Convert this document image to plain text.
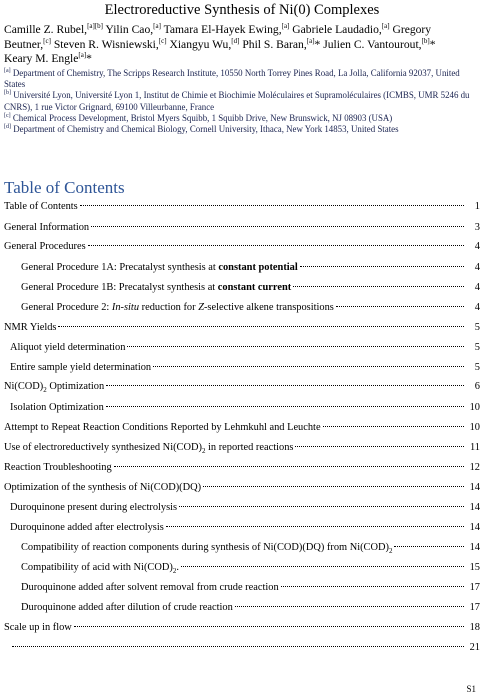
Electroreductive Synthesis of Ni(0) Complexes
Camille Z. Rubel,[a][b] Yilin Cao,[a] Tamara El-Hayek Ewing,[a] Gabriele Laudadio,[a] Gregory
Beutner,[c] Steven R. Wisniewski,[c] Xiangyu Wu,[d] Phil S. Baran,[a]* Julien C. Vantourout,[b]*
Keary M. Engle[a]*
[a] Department of Chemistry, The Scripps Research Institute, 10550 North Torrey Pines Road, La Jolla, California 92037, United States
[b] Université Lyon, Université Lyon 1, Institut de Chimie et Biochimie Moléculaires et Supramoléculaires (ICMBS, UMR 5246 du CNRS), 1 rue Victor Grignard, 69100 Villeurbanne, France
[c] Chemical Process Development, Bristol Myers Squibb, 1 Squibb Drive, New Brunswick, NJ 08903 (USA)
[d] Department of Chemistry and Chemical Biology, Cornell University, Ithaca, New York 14853, United States
Table of Contents
Table of Contents	1
General Information	3
General Procedures	4
General Procedure 1A: Precatalyst synthesis at constant potential	4
General Procedure 1B: Precatalyst synthesis at constant current	4
General Procedure 2: In-situ reduction for Z-selective alkene transpositions	4
NMR Yields	5
Aliquot yield determination	5
Entire sample yield determination	5
$Ni(COD)_2$ Optimization	6
Isolation Optimization	10
Attempt to Repeat Reaction Conditions Reported by Lehmkuhl and Leuchte	10
Use of electroreductively synthesized $Ni(COD)_2$ in reported reactions	11
Reaction Troubleshooting	12
Optimization of the synthesis of Ni(COD)(DQ)	14
Duroquinone present during electrolysis	14
Duroquinone added after electrolysis	14
Compatibility of reaction components during synthesis of Ni(COD)(DQ) from $Ni(COD)_2$	14
Compatibility of acid with $Ni(COD)_2$.	15
Duroquinone added after solvent removal from crude reaction	17
Duroquinone added after dilution of crude reaction	17
Scale up in flow	18
21
S1
